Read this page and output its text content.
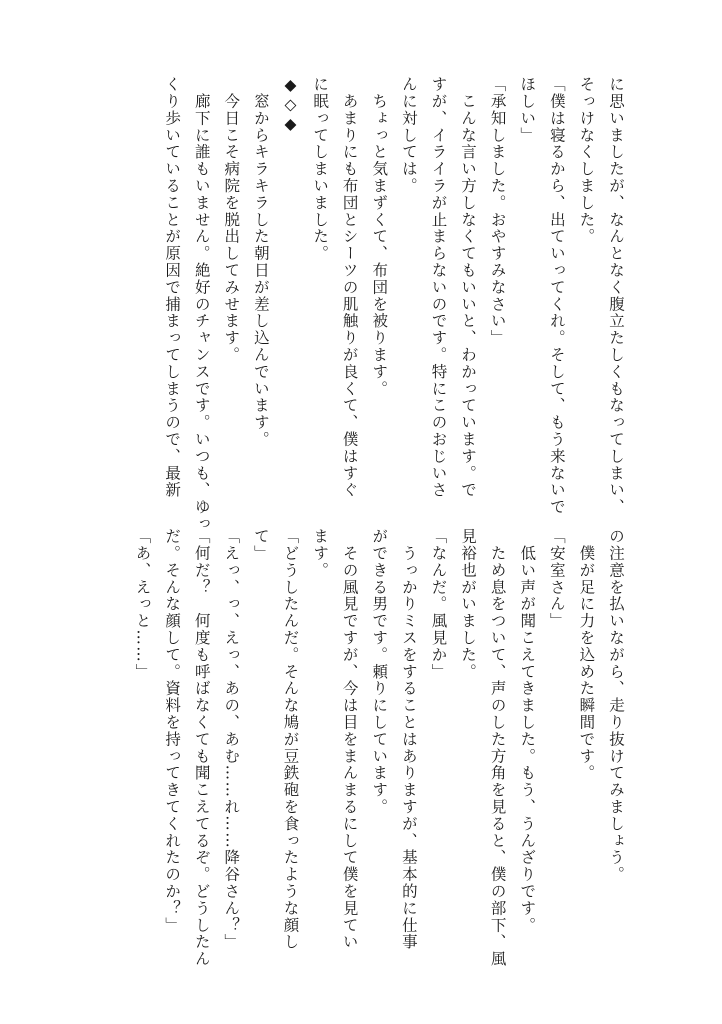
に思いましたが、なんとなく腹立たしくもなってしまい、
そっけなくしました。
「僕は寝るから、出ていってくれ。そして、もう来ないで
ほしい」
「承知しました。おやすみなさい」
　こんな言い方しなくてもいいと、わかっています。で
すが、イライラが止まらないのです。特にこのおじいさ
んに対しては。
　ちょっと気まずくて、布団を被ります。
　あまりにも布団とシーツの肌触りが良くて、僕はすぐ
に眠ってしまいました。
◆◇◆
　窓からキラキラした朝日が差し込んでいます。
　今日こそ病院を脱出してみせます。
　廊下に誰もいません。絶好のチャンスです。いつも、ゆっ
くり歩いていることが原因で捕まってしまうので、最新
の注意を払いながら、走り抜けてみましょう。
　僕が足に力を込めた瞬間です。
「安室さん」
　低い声が聞こえてきました。もう、うんざりです。
　ため息をついて、声のした方角を見ると、僕の部下、風
見裕也がいました。
「なんだ。風見か」
　うっかりミスをすることはありますが、基本的に仕事
ができる男です。頼りにしています。
　その風見ですが、今は目をまんまるにして僕を見てい
ます。
「どうしたんだ。そんな鳩が豆鉄砲を食ったような顔し
て」
「えっ、っ、えっ、あの、あむ……れ……降谷さん？」
「何だ？　何度も呼ばなくても聞こえてるぞ。どうしたん
だ。そんな顔して。資料を持ってきてくれたのか？」
「あ、えっと……」
